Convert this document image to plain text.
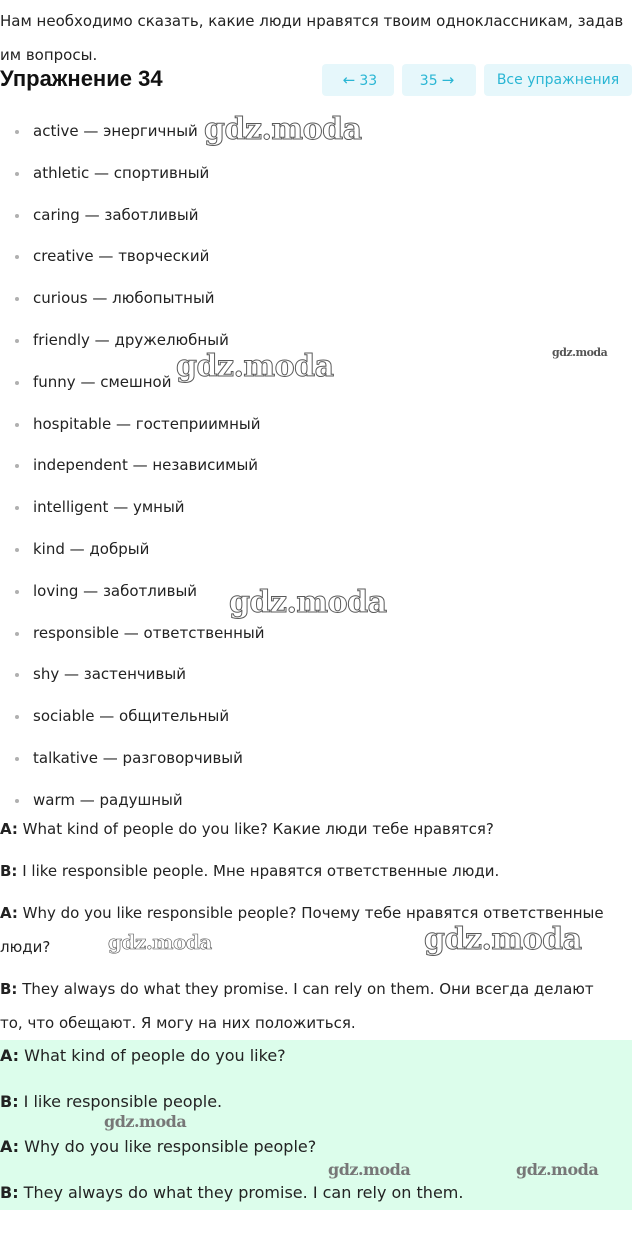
Нам необходимо сказать, какие люди нравятся твоим одноклассникам, задав им вопросы.
Упражнение 34	← 33	35 →	Все упражнения
active — энергичный
athletic — спортивный
caring — заботливый
creative — творческий
curious — любопытный
friendly — дружелюбный
funny — смешной
hospitable — гостеприимный
independent — независимый
intelligent — умный
kind — добрый
loving — заботливый
responsible — ответственный
shy — застенчивый
sociable — общительный
talkative — разговорчивый
warm — радушный

A: What kind of people do you like? Какие люди тебе нравятся?

B: I like responsible people. Мне нравятся ответственные люди.

A: Why do you like responsible people? Почему тебе нравятся ответственные люди?

B: They always do what they promise. I can rely on them. Они всегда делают то, что обещают. Я могу на них положиться.

A: What kind of people do you like?

B: I like responsible people.

A: Why do you like responsible people?

B: They always do what they promise. I can rely on them.

gdz.moda
gdz.moda
gdz.moda
gdz.moda
gdz.moda	gdz.moda
gdz.moda
gdz.moda	gdz.moda
